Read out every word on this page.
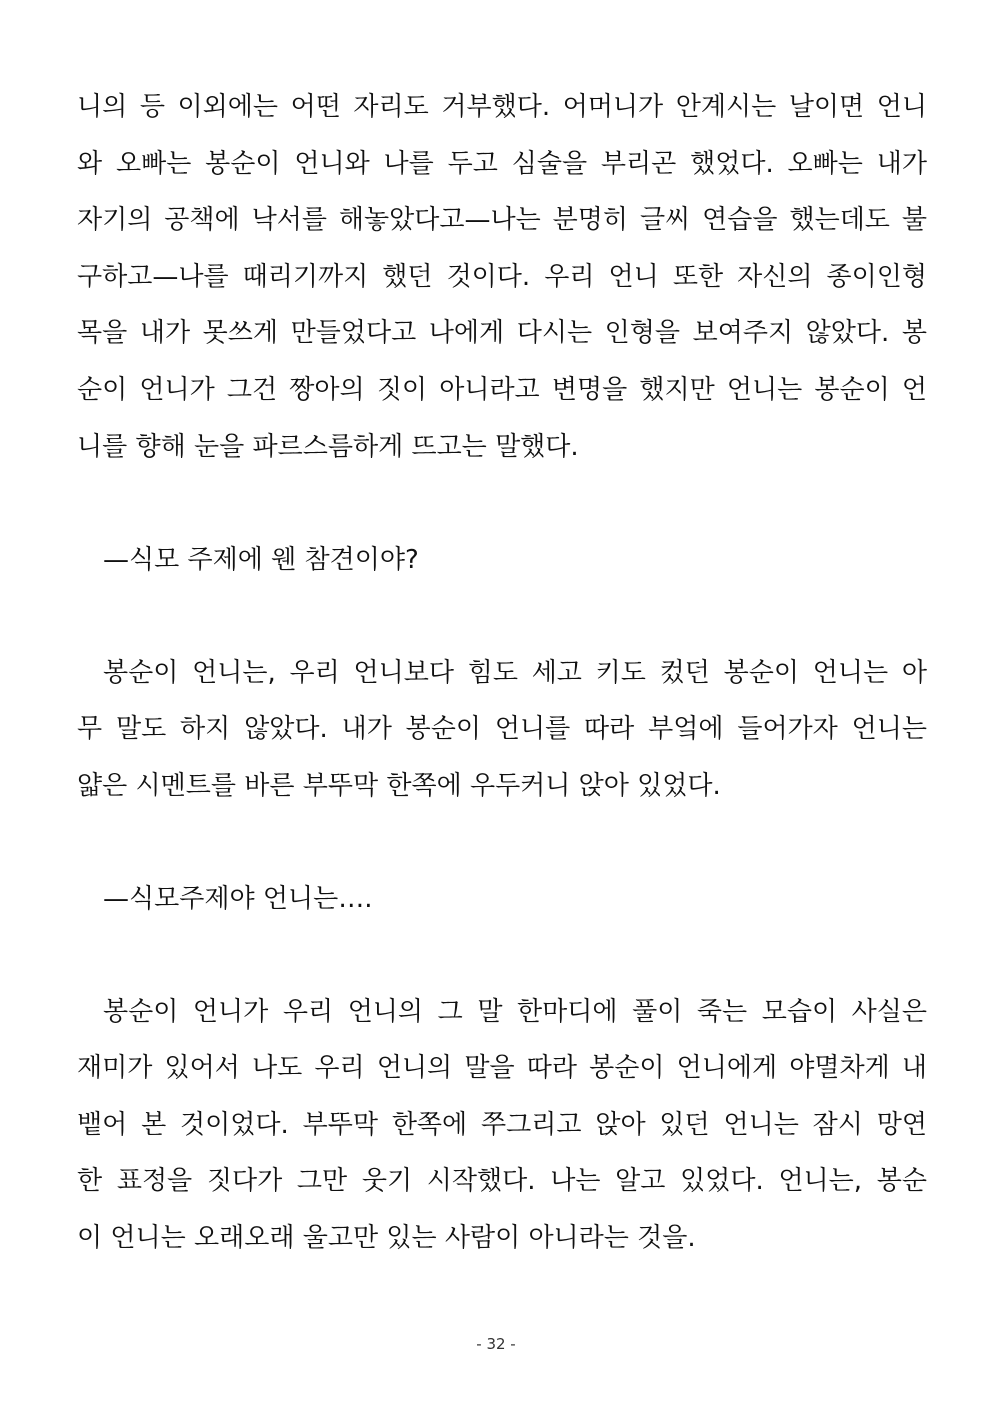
니의 등 이외에는 어떤 자리도 거부했다. 어머니가 안계시는 날이면 언니
와 오빠는 봉순이 언니와 나를 두고 심술을 부리곤 했었다. 오빠는 내가
자기의 공책에 낙서를 해놓았다고—나는 분명히 글씨 연습을 했는데도 불
구하고—나를 때리기까지 했던 것이다. 우리 언니 또한 자신의 종이인형
목을 내가 못쓰게 만들었다고 나에게 다시는 인형을 보여주지 않았다. 봉
순이 언니가 그건 짱아의 짓이 아니라고 변명을 했지만 언니는 봉순이 언
니를 향해 눈을 파르스름하게 뜨고는 말했다.
—식모 주제에 웬 참견이야?
봉순이 언니는, 우리 언니보다 힘도 세고 키도 컸던 봉순이 언니는 아
무 말도 하지 않았다. 내가 봉순이 언니를 따라 부엌에 들어가자 언니는
얇은 시멘트를 바른 부뚜막 한쪽에 우두커니 앉아 있었다.
—식모주제야 언니는….
봉순이 언니가 우리 언니의 그 말 한마디에 풀이 죽는 모습이 사실은
재미가 있어서 나도 우리 언니의 말을 따라 봉순이 언니에게 야멸차게 내
뱉어 본 것이었다. 부뚜막 한쪽에 쭈그리고 앉아 있던 언니는 잠시 망연
한 표정을 짓다가 그만 웃기 시작했다. 나는 알고 있었다. 언니는, 봉순
이 언니는 오래오래 울고만 있는 사람이 아니라는 것을.
- 32 -
